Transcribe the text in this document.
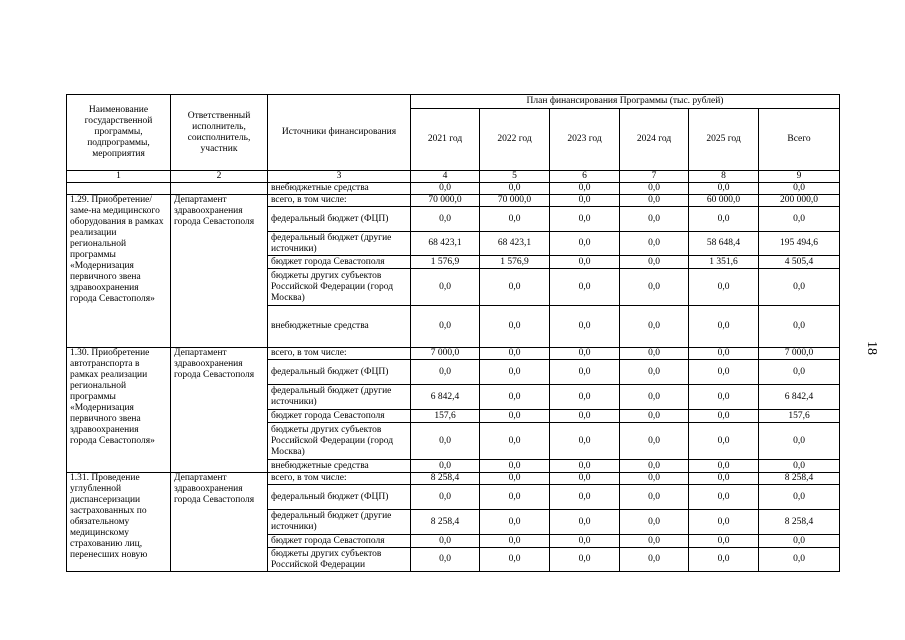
Наименование государственной программы, подпрограммы, мероприятия	Ответственный исполнитель, соисполнитель, участник	Источники финансирования	План финансирования Программы (тыс. рублей)					
			2021 год	2022 год	2023 год	2024 год	2025 год	Всего
1	2	3	4	5	6	7	8	9
		внебюджетные средства	0,0	0,0	0,0	0,0	0,0	0,0
1.29. Приобретение/заме-на медицинского оборудования в рамках реализации региональной программы «Модернизация первичного звена здравоохранения города Севастополя»	Департамент здравоохранения города Севастополя	всего, в том числе:	70 000,0	70 000,0	0,0	0,0	60 000,0	200 000,0
		федеральный бюджет (ФЦП)	0,0	0,0	0,0	0,0	0,0	0,0
		федеральный бюджет (другие источники)	68 423,1	68 423,1	0,0	0,0	58 648,4	195 494,6
		бюджет города Севастополя	1 576,9	1 576,9	0,0	0,0	1 351,6	4 505,4
		бюджеты других субъектов Российской Федерации (город Москва)	0,0	0,0	0,0	0,0	0,0	0,0
		внебюджетные средства	0,0	0,0	0,0	0,0	0,0	0,0
1.30. Приобретение автотранспорта в рамках реализации региональной программы «Модернизация первичного звена здравоохранения города Севастополя»	Департамент здравоохранения города Севастополя	всего, в том числе:	7 000,0	0,0	0,0	0,0	0,0	7 000,0
		федеральный бюджет (ФЦП)	0,0	0,0	0,0	0,0	0,0	0,0
		федеральный бюджет (другие источники)	6 842,4	0,0	0,0	0,0	0,0	6 842,4
		бюджет города Севастополя	157,6	0,0	0,0	0,0	0,0	157,6
		бюджеты других субъектов Российской Федерации (город Москва)	0,0	0,0	0,0	0,0	0,0	0,0
		внебюджетные средства	0,0	0,0	0,0	0,0	0,0	0,0
1.31. Проведение углубленной диспансеризации застрахованных по обязательному медицинскому страхованию лиц, перенесших новую	Департамент здравоохранения города Севастополя	всего, в том числе:	8 258,4	0,0	0,0	0,0	0,0	8 258,4
		федеральный бюджет (ФЦП)	0,0	0,0	0,0	0,0	0,0	0,0
		федеральный бюджет (другие источники)	8 258,4	0,0	0,0	0,0	0,0	8 258,4
		бюджет города Севастополя	0,0	0,0	0,0	0,0	0,0	0,0
		бюджеты других субъектов Российской Федерации	0,0	0,0	0,0	0,0	0,0	0,0
18
